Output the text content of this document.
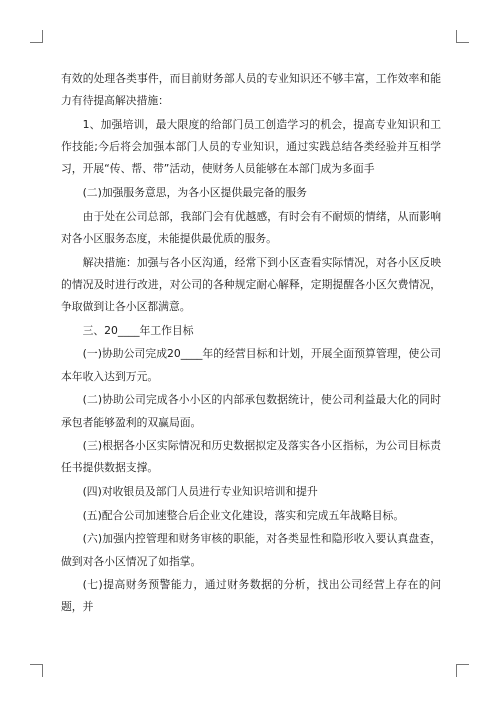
有效的处理各类事件，而目前财务部人员的专业知识还不够丰富，工作效率和能力有待提高解决措施：

1、加强培训，最大限度的给部门员工创造学习的机会，提高专业知识和工作技能;今后将会加强本部门人员的专业知识，通过实践总结各类经验并互相学习，开展“传、帮、带”活动，使财务人员能够在本部门成为多面手

(二)加强服务意思，为各小区提供最完备的服务

由于处在公司总部，我部门会有优越感，有时会有不耐烦的情绪，从而影响对各小区服务态度，未能提供最优质的服务。

解决措施：加强与各小区沟通，经常下到小区查看实际情况，对各小区反映的情况及时进行改进，对公司的各种规定耐心解释，定期提醒各小区欠费情况，争取做到让各小区都满意。

三、20____年工作目标

(一)协助公司完成20____年的经营目标和计划，开展全面预算管理，使公司本年收入达到万元。

(二)协助公司完成各小小区的内部承包数据统计，使公司利益最大化的同时承包者能够盈利的双赢局面。

(三)根据各小区实际情况和历史数据拟定及落实各小区指标，为公司目标责任书提供数据支撑。

(四)对收银员及部门人员进行专业知识培训和提升

(五)配合公司加速整合后企业文化建设，落实和完成五年战略目标。

(六)加强内控管理和财务审核的职能，对各类显性和隐形收入要认真盘查，做到对各小区情况了如指掌。

(七)提高财务预警能力，通过财务数据的分析，找出公司经营上存在的问题，并
